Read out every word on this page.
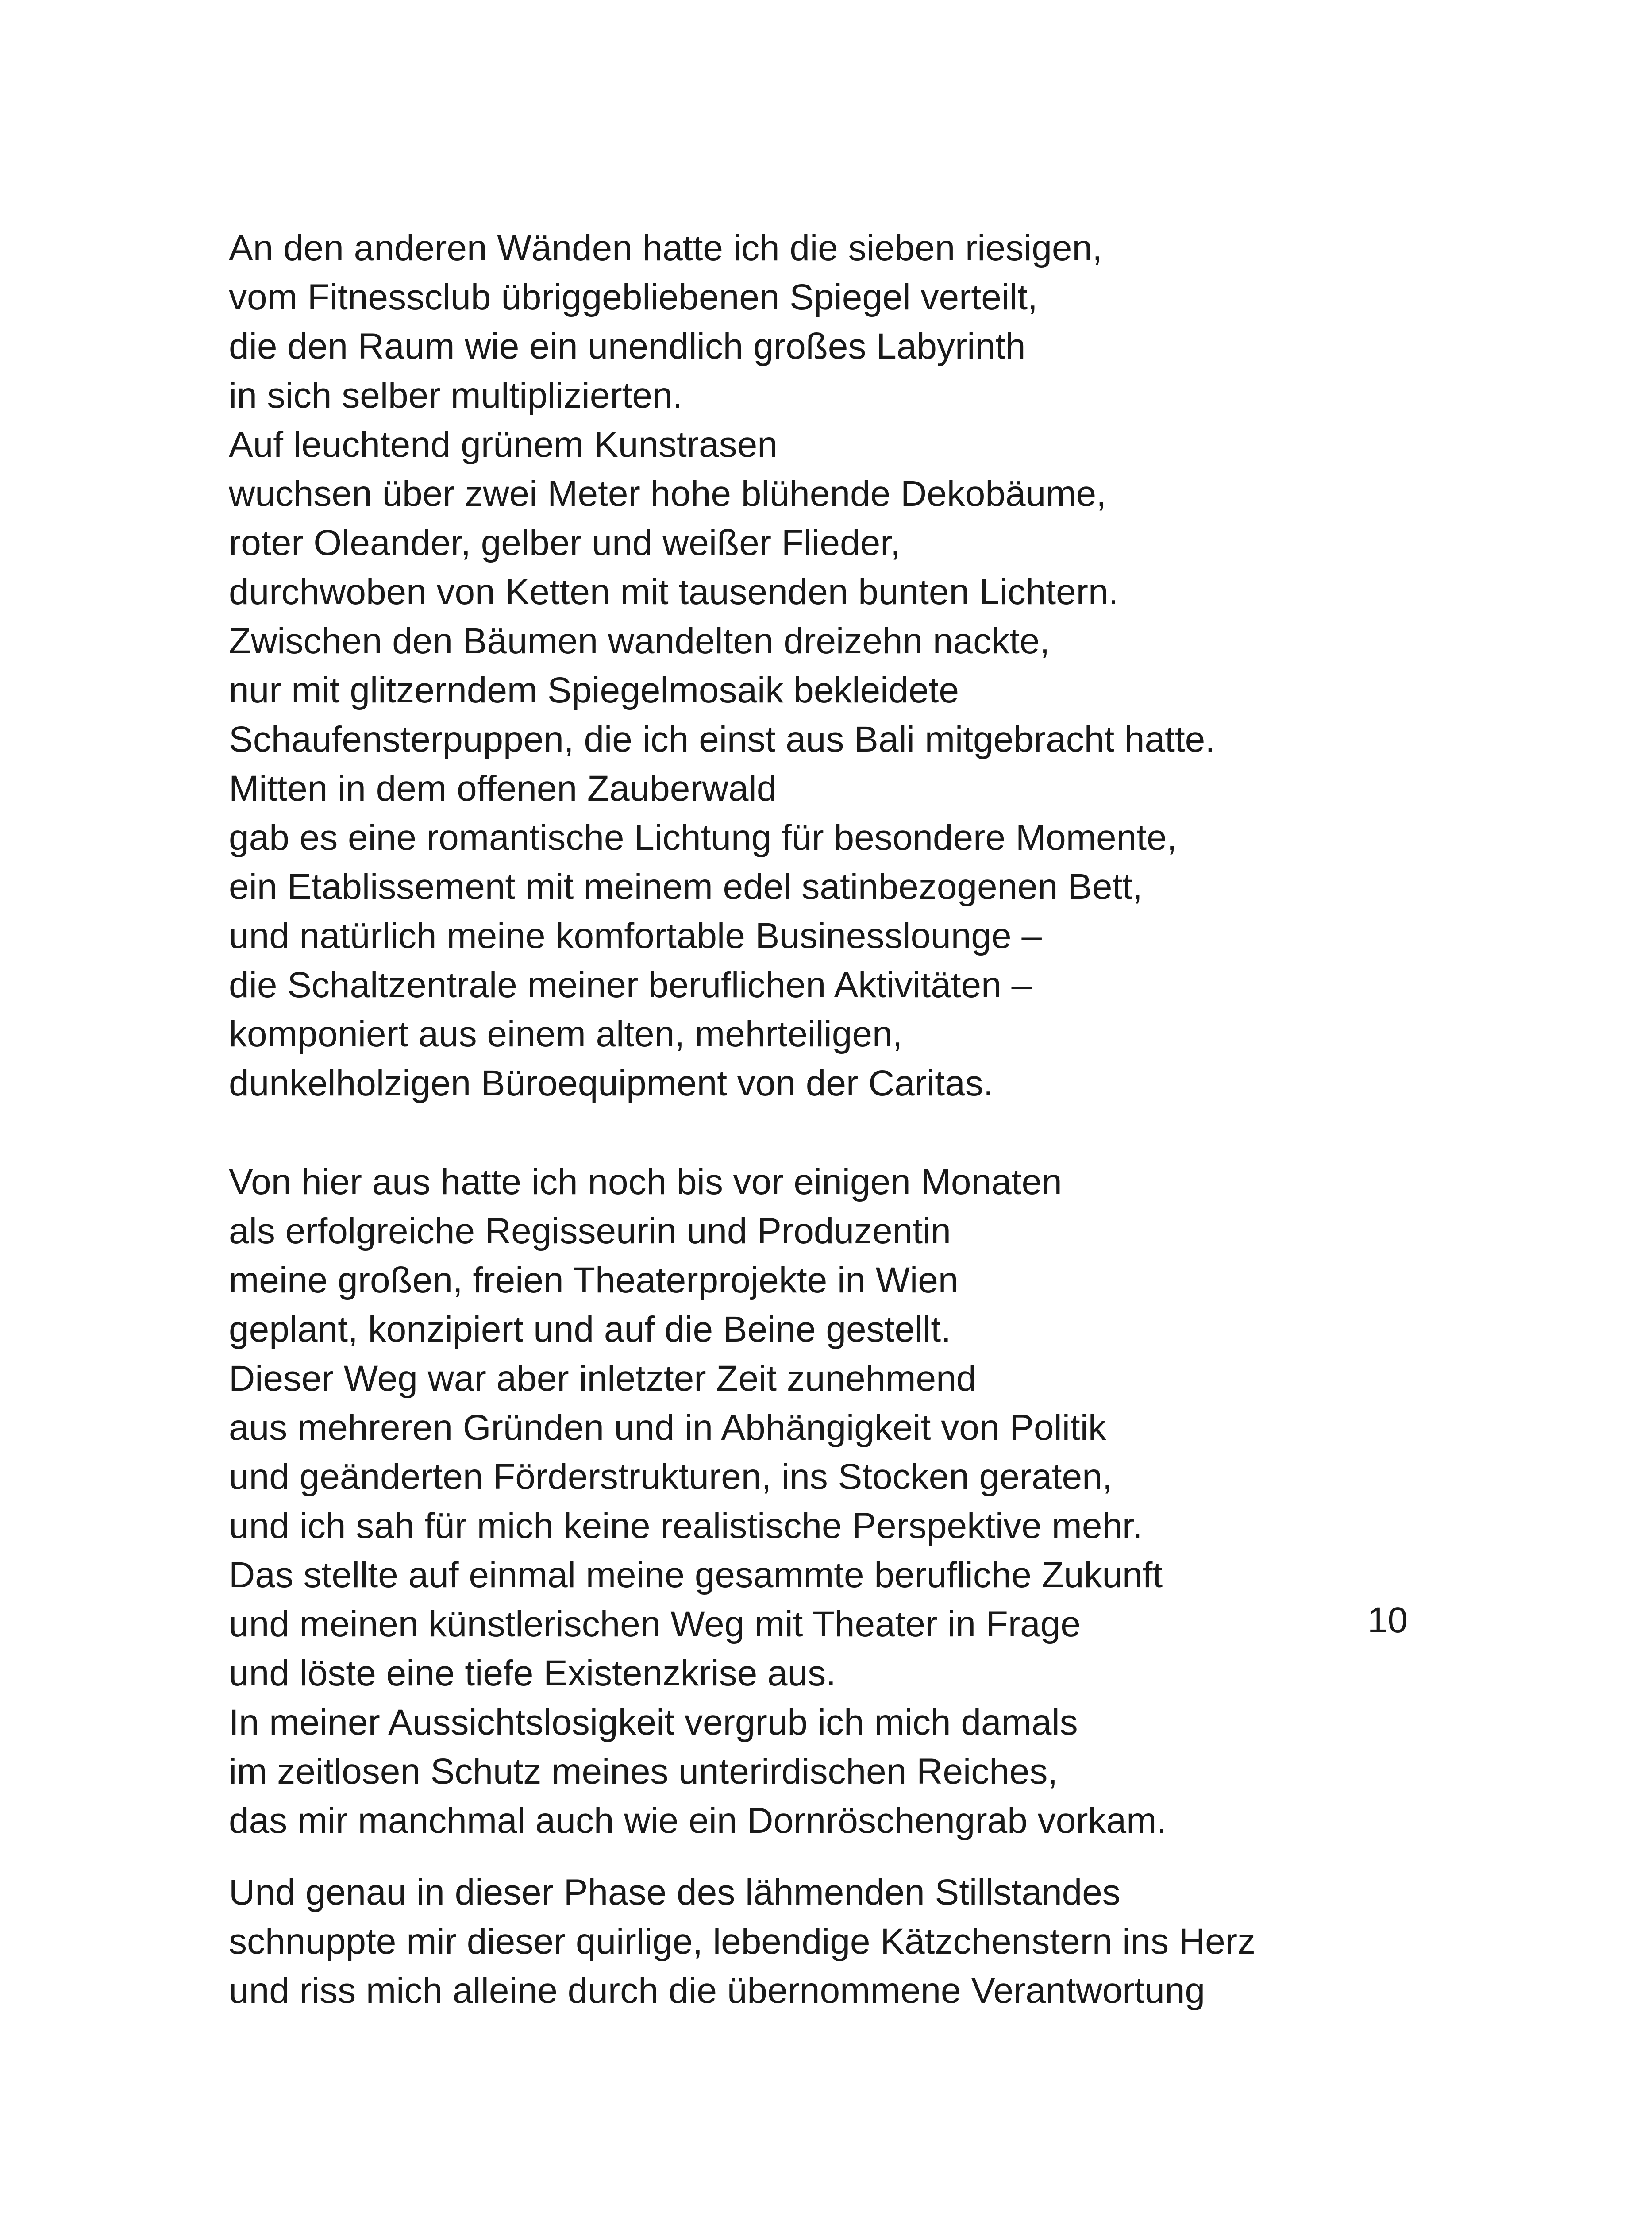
An den anderen Wänden hatte ich die sieben riesigen,
vom Fitnessclub übriggebliebenen Spiegel verteilt,
die den Raum wie ein unendlich großes Labyrinth
in sich selber multiplizierten.
Auf leuchtend grünem Kunstrasen
wuchsen über zwei Meter hohe blühende Dekobäume,
roter Oleander, gelber und weißer Flieder,
durchwoben von Ketten mit tausenden bunten Lichtern.
Zwischen den Bäumen wandelten dreizehn nackte,
nur mit glitzerndem Spiegelmosaik bekleidete
Schaufensterpuppen, die ich einst aus Bali mitgebracht hatte.
Mitten in dem offenen Zauberwald
gab es eine romantische Lichtung für besondere Momente,
ein Etablissement mit meinem edel satinbezogenen Bett,
und natürlich meine komfortable Businesslounge –
die Schaltzentrale meiner beruflichen Aktivitäten –
komponiert aus einem alten, mehrteiligen,
dunkelholzigen Büroequipment von der Caritas.
Von hier aus hatte ich noch bis vor einigen Monaten
als erfolgreiche Regisseurin und Produzentin
meine großen, freien Theaterprojekte in Wien
geplant, konzipiert und auf die Beine gestellt.
Dieser Weg war aber inletzter Zeit zunehmend
aus mehreren Gründen und in Abhängigkeit von Politik
und geänderten Förderstrukturen, ins Stocken geraten,
und ich sah für mich keine realistische Perspektive mehr.
Das stellte auf einmal meine gesammte berufliche Zukunft
und meinen künstlerischen Weg mit Theater in Frage
und löste eine tiefe Existenzkrise aus.
In meiner Aussichtslosigkeit vergrub ich mich damals
im zeitlosen Schutz meines unterirdischen Reiches,
das mir manchmal auch wie ein Dornröschengrab vorkam.
Und genau in dieser Phase des lähmenden Stillstandes
schnuppte mir dieser quirlige, lebendige Kätzchenstern ins Herz
und riss mich alleine durch die übernommene Verantwortung
10
